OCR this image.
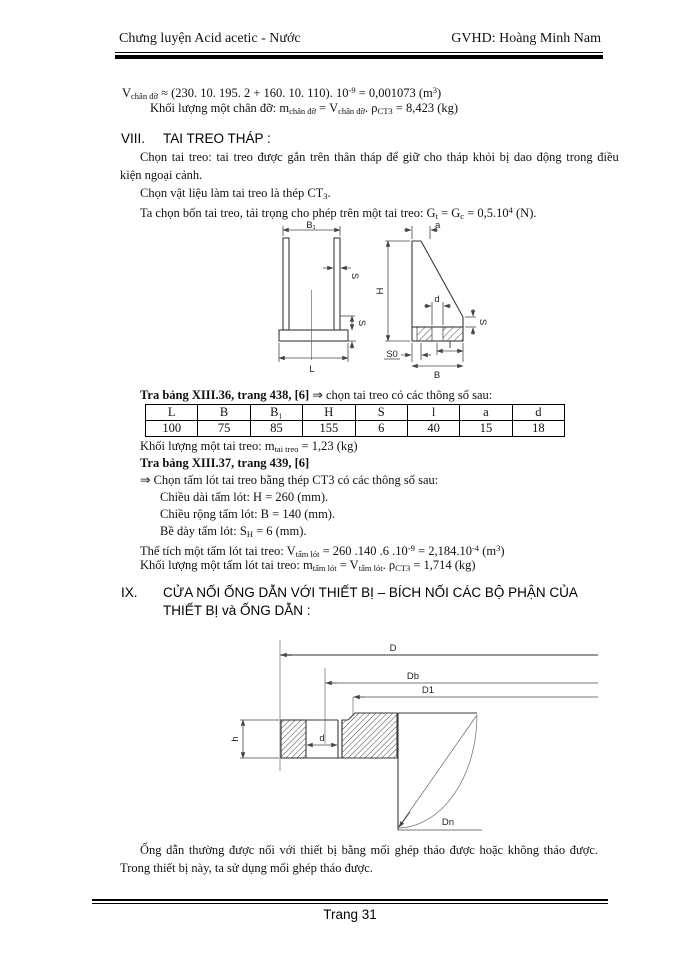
Chưng luyện Acid acetic - Nước	GVHD: Hoàng Minh Nam
$V_{chân đỡ} \approx (230$. 10. 195. 2 + 160. 10. 110). $10^{-9} = 0,001073$ $(m^3)$
Khối lượng một chân đỡ: $m_{chân đỡ} = V_{chân đỡ}$. $\rho_{CT3} = 8,423$ (kg)
VIII. TAI TREO THÁP :
Chọn tai treo: tai treo được gắn trên thân tháp để giữ cho tháp khỏi bị dao động trong điều
kiện ngoại cảnh.
Chọn vật liệu làm tai treo là thép $CT_3$.
Ta chọn bốn tai treo, tải trọng cho phép trên một tai treo: $G_t = G_c = 0,5.10^4$ (N).
B₁
S
S
L
H
a
d
S
S0
l
B
Tra bảng XIII.36, trang 438, [6] ⇒ chọn tai treo có các thông số sau:
L	B	B₁	H	S	l	a	d
100	75	85	155	6	40	15	18
Khối lượng một tai treo: $m_{tai treo} = 1,23$ (kg)
Tra bảng XIII.37, trang 439, [6]
⇒ Chọn tấm lót tai treo bằng thép CT3 có các thông số sau:
Chiều dài tấm lót: H = 260 (mm).
Chiều rộng tấm lót: B = 140 (mm).
Bề dày tấm lót: $S_H = 6$ (mm).
Thể tích một tấm lót tai treo: $V_{tấm lót} = 260$ .140 .6 $.10^{-9} = 2,184.10^{-4}$ $(m^3)$
Khối lượng một tấm lót tai treo: $m_{tấm lót} = V_{tấm lót}$. $\rho_{CT3} = 1,714$ (kg)
IX. CỬA NỐI ỐNG DẪN VỚI THIẾT BỊ – BÍCH NỐI CÁC BỘ PHẬN CỦA
THIẾT BỊ và ỐNG DẪN :
D
Db
D1
h	d
Dn
Ống dẫn thường được nối với thiết bị bằng mối ghép tháo được hoặc không tháo được.
Trong thiết bị này, ta sử dụng mối ghép tháo được.
Trang 31
